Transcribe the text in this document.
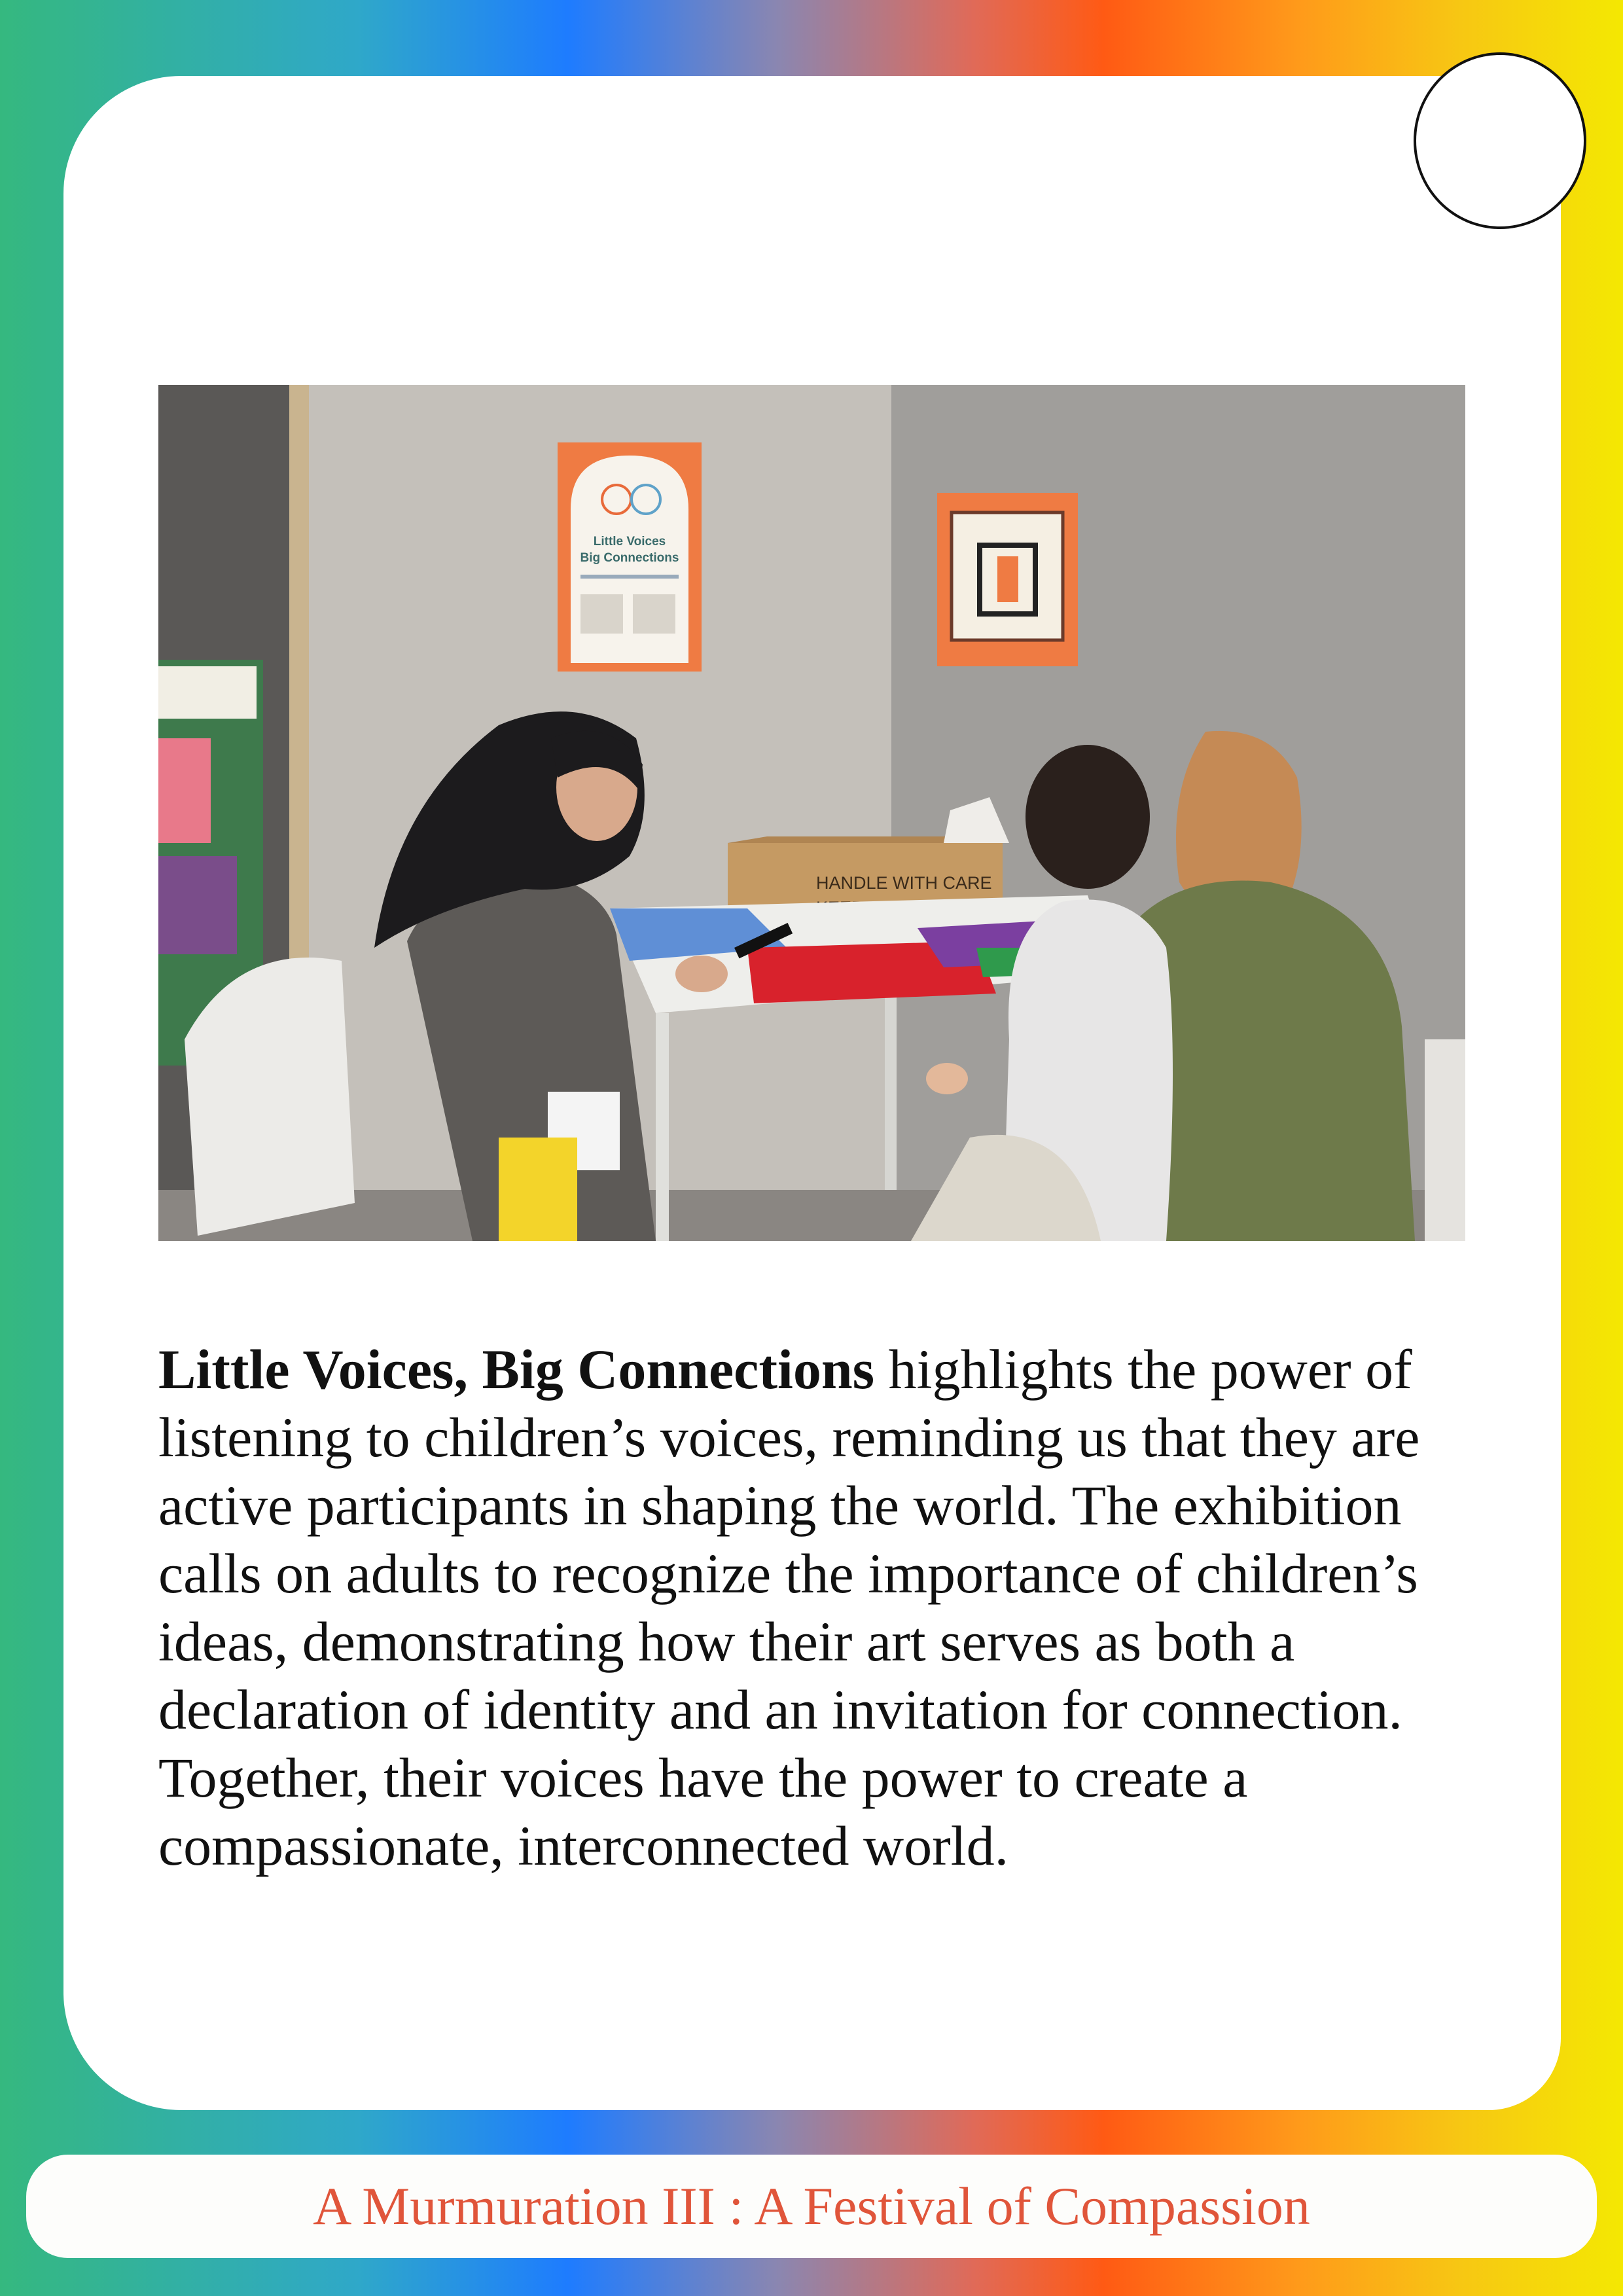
Little Voices
Big Connections
HANDLE WITH CARE

Little Voices, Big Connections highlights the power of listening to children’s voices, reminding us that they are active participants in shaping the world. The exhibition calls on adults to recognize the importance of children’s ideas, demonstrating how their art serves as both a declaration of identity and an invitation for connection. Together, their voices have the power to create a compassionate, interconnected world.

A Murmuration III : A Festival of Compassion
